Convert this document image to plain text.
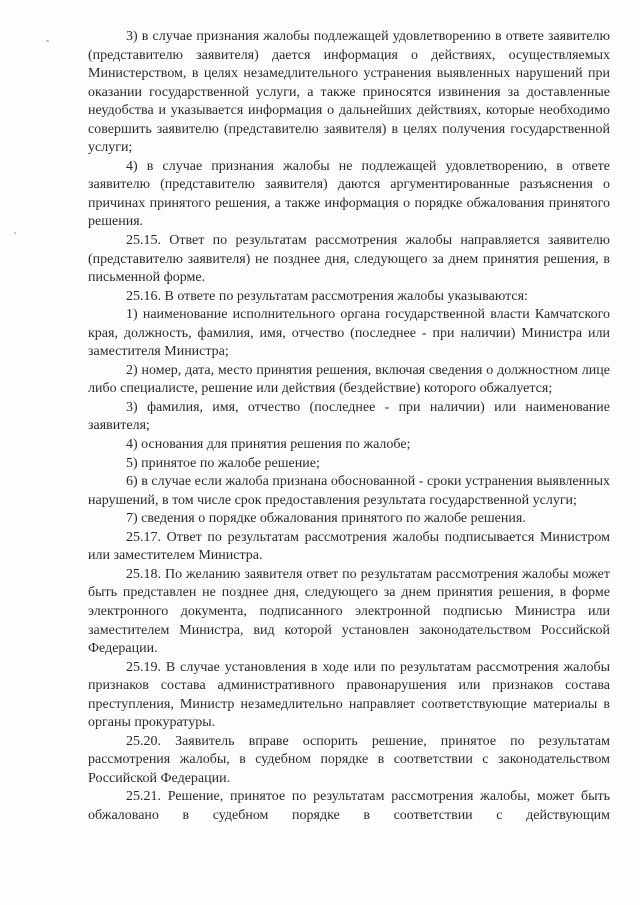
3) в случае признания жалобы подлежащей удовлетворению в ответе заявителю (представителю заявителя) дается информация о действиях, осуществляемых Министерством, в целях незамедлительного устранения выявленных нарушений при оказании государственной услуги, а также приносятся извинения за доставленные неудобства и указывается информация о дальнейших действиях, которые необходимо совершить заявителю (представителю заявителя) в целях получения государственной услуги;

4) в случае признания жалобы не подлежащей удовлетворению, в ответе заявителю (представителю заявителя) даются аргументированные разъяснения о причинах принятого решения, а также информация о порядке обжалования принятого решения.

25.15. Ответ по результатам рассмотрения жалобы направляется заявителю (представителю заявителя) не позднее дня, следующего за днем принятия решения, в письменной форме.

25.16. В ответе по результатам рассмотрения жалобы указываются:

1) наименование исполнительного органа государственной власти Камчатского края, должность, фамилия, имя, отчество (последнее - при наличии) Министра или заместителя Министра;

2) номер, дата, место принятия решения, включая сведения о должностном лице либо специалисте, решение или действия (бездействие) которого обжалуется;

3) фамилия, имя, отчество (последнее - при наличии) или наименование заявителя;

4) основания для принятия решения по жалобе;

5) принятое по жалобе решение;

6) в случае если жалоба признана обоснованной - сроки устранения выявленных нарушений, в том числе срок предоставления результата государственной услуги;

7) сведения о порядке обжалования принятого по жалобе решения.

25.17. Ответ по результатам рассмотрения жалобы подписывается Министром или заместителем Министра.

25.18. По желанию заявителя ответ по результатам рассмотрения жалобы может быть представлен не позднее дня, следующего за днем принятия решения, в форме электронного документа, подписанного электронной подписью Министра или заместителем Министра, вид которой установлен законодательством Российской Федерации.

25.19. В случае установления в ходе или по результатам рассмотрения жалобы признаков состава административного правонарушения или признаков состава преступления, Министр незамедлительно направляет соответствующие материалы в органы прокуратуры.

25.20. Заявитель вправе оспорить решение, принятое по результатам рассмотрения жалобы, в судебном порядке в соответствии с законодательством Российской Федерации.

25.21. Решение, принятое по результатам рассмотрения жалобы, может быть обжаловано в судебном порядке в соответствии с действующим
